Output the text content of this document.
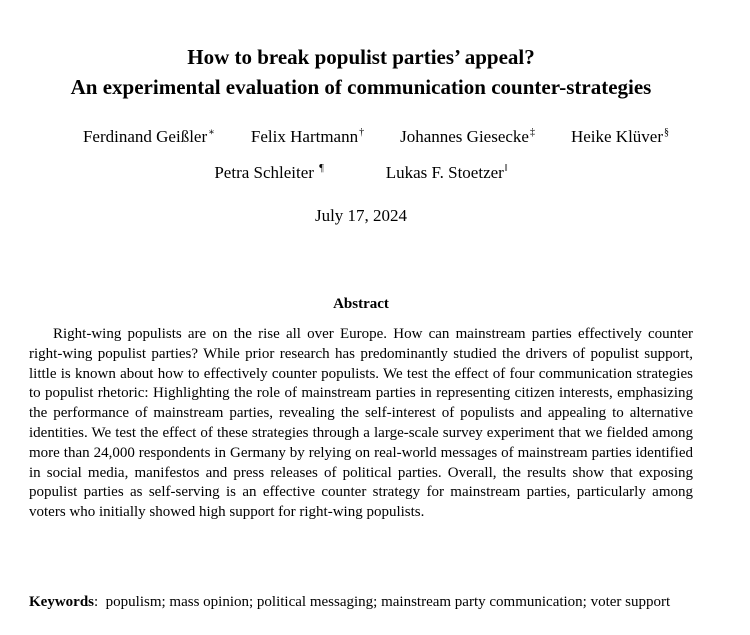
How to break populist parties’ appeal?
An experimental evaluation of communication counter-strategies
Ferdinand Geißler∗ Felix Hartmann† Johannes Giesecke‡ Heike Klüver§
Petra Schleiter ¶	Lukas F. Stoetzer‖
July 17, 2024
Abstract

Right-wing populists are on the rise all over Europe. How can mainstream parties effectively counter right-wing populist parties? While prior research has predominantly studied the drivers of populist support, little is known about how to effectively counter populists. We test the effect of four communication strategies to populist rhetoric: Highlighting the role of mainstream parties in representing citizen interests, emphasizing the performance of mainstream parties, revealing the self-interest of populists and appealing to alternative identities. We test the effect of these strategies through a large-scale survey experiment that we fielded among more than 24,000 respondents in Germany by relying on real-world messages of mainstream parties identified in social media, manifestos and press releases of political parties. Overall, the results show that exposing populist parties as self-serving is an effective counter strategy for mainstream parties, particularly among voters who initially showed high support for right-wing populists.

Keywords:  populism; mass opinion; political messaging; mainstream party communication; voter support
